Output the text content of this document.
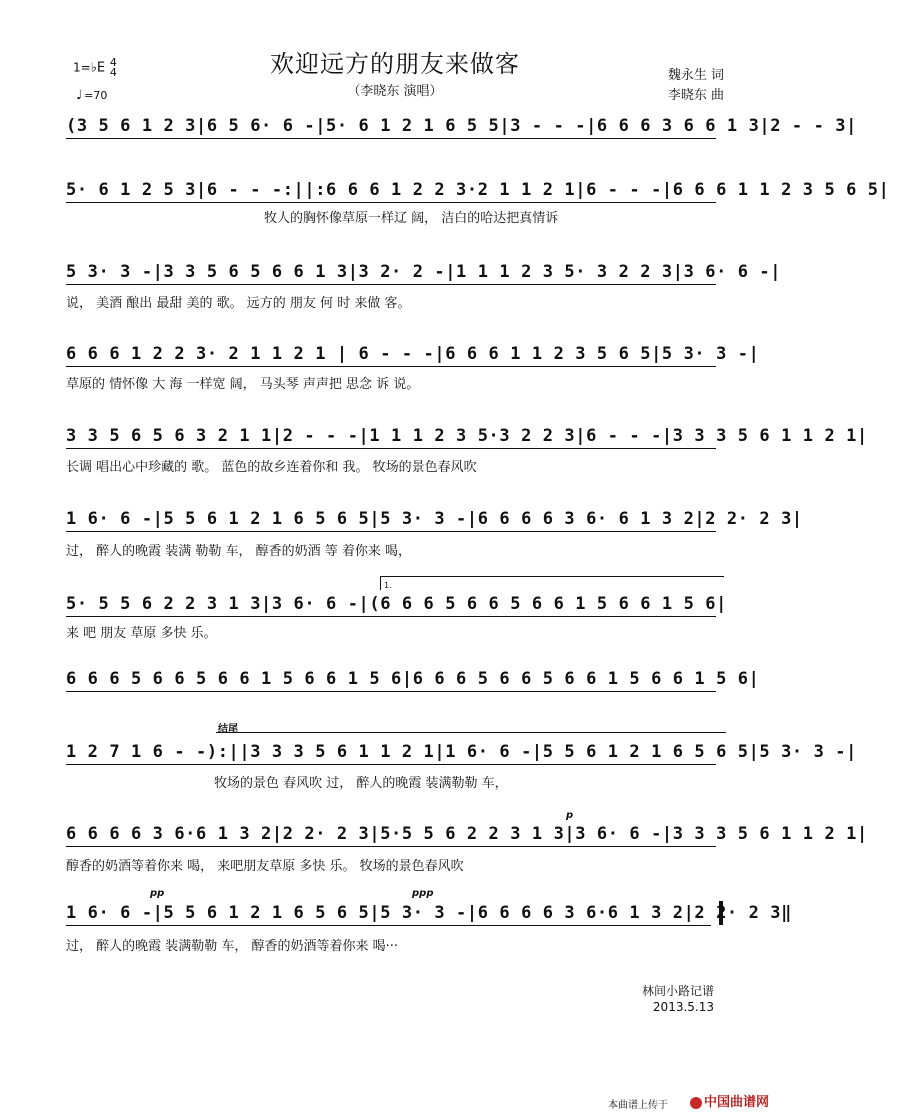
1=♭E 4
4
♩ =70
欢迎远方的朋友来做客
（李晓东 演唱）
魏永生 词
李晓东 曲
(3 5 6 1 2 3|6 5 6· 6 -|5· 6 1 2 1 6 5 5|3 - - -|6 6 6 3 6 6 1 3|2 - - 3|
5· 6 1 2 5 3|6 - - -:||:6 6 6 1 2 2 3·2 1 1 2 1|6 - - -|6 6 6 1 1 2 3 5 6 5|
牧人的胸怀像草原一样辽 阔， 洁白的哈达把真情诉
5 3· 3 -|3 3 5 6 5 6 6 1 3|3 2· 2 -|1 1 1 2 3 5· 3 2 2 3|3 6· 6 -|
说， 美酒 酿出 最甜 美的 歌。 远方的 朋友 何 时 来做 客。
6 6 6 1 2 2 3· 2 1 1 2 1 | 6 - - -|6 6 6 1 1 2 3 5 6 5|5 3· 3 -|
草原的 情怀像 大 海 一样宽 阔， 马头琴 声声把 思念 诉 说。
3 3 5 6 5 6 3 2 1 1|2 - - -|1 1 1 2 3 5·3 2 2 3|6 - - -|3 3 3 5 6 1 1 2 1|
长调 唱出心中珍藏的 歌。 蓝色的故乡连着你和 我。 牧场的景色春风吹
1 6· 6 -|5 5 6 1 2 1 6 5 6 5|5 3· 3 -|6 6 6 6 3 6· 6 1 3 2|2 2· 2 3|
过， 醉人的晚霞 装满 勒勒 车， 醇香的奶酒 等 着你来 喝，
1.
5· 5 5 6 2 2 3 1 3|3 6· 6 -|(6 6 6 5 6 6 5 6 6 1 5 6 6 1 5 6|
来 吧 朋友 草原 多快 乐。
6 6 6 5 6 6 5 6 6 1 5 6 6 1 5 6|6 6 6 5 6 6 5 6 6 1 5 6 6 1 5 6|
结尾
1 2 7 1 6 - -):||3 3 3 5 6 1 1 2 1|1 6· 6 -|5 5 6 1 2 1 6 5 6 5|5 3· 3 -|
牧场的景色 春风吹 过， 醉人的晚霞 装满勒勒 车，
p
6 6 6 6 3 6·6 1 3 2|2 2· 2 3|5·5 5 6 2 2 3 1 3|3 6· 6 -|3 3 3 5 6 1 1 2 1|
醇香的奶酒等着你来 喝， 来吧朋友草原 多快 乐。 牧场的景色春风吹
pp	ppp
1 6· 6 -|5 5 6 1 2 1 6 5 6 5|5 3· 3 -|6 6 6 6 3 6·6 1 3 2|2 2· 2 3‖
过， 醉人的晚霞 装满勒勒 车， 醇香的奶酒等着你来 喝···
林间小路记谱
2013.5.13
本曲谱上传于	中国曲谱网
